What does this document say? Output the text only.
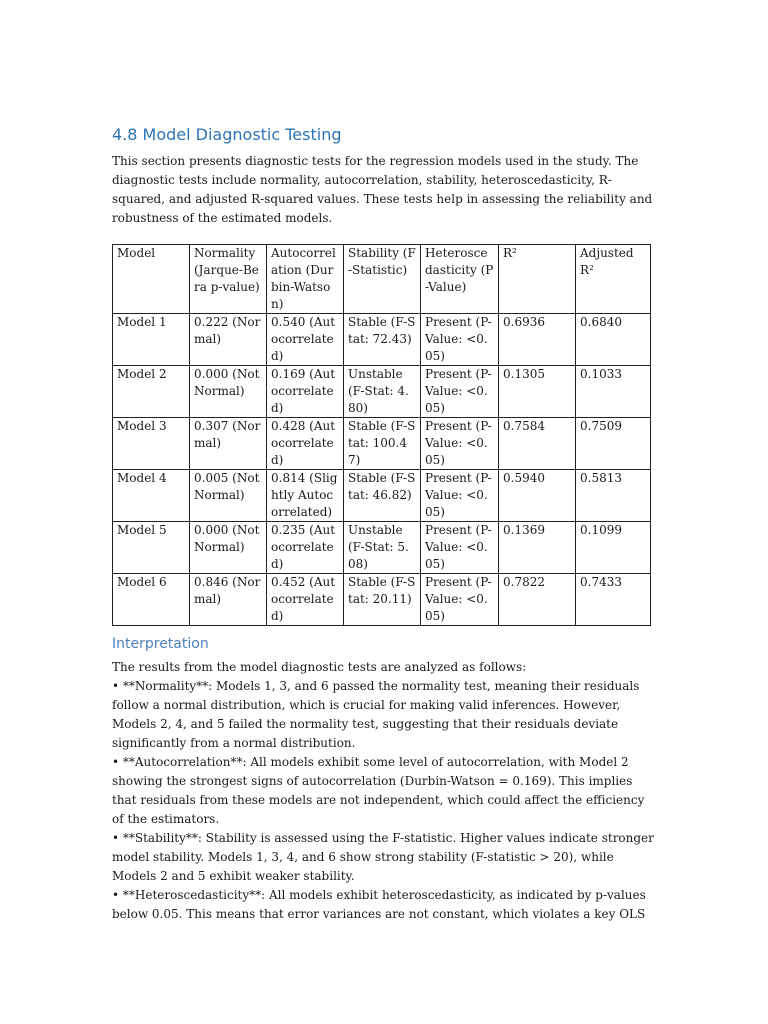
4.8 Model Diagnostic Testing

This section presents diagnostic tests for the regression models used in the study. The diagnostic tests include normality, autocorrelation, stability, heteroscedasticity, R-squared, and adjusted R-squared values. These tests help in assessing the reliability and robustness of the estimated models.

Model	Normality (Jarque-Bera p-value)	Autocorrelation (Durbin-Watson)	Stability (F-Statistic)	Heteroscedasticity (P-Value)	R²	Adjusted R²
Model 1	0.222 (Normal)	0.540 (Autocorrelated)	Stable (F-Stat: 72.43)	Present (P-Value: <0.05)	0.6936	0.6840
Model 2	0.000 (Not Normal)	0.169 (Autocorrelated)	Unstable (F-Stat: 4.80)	Present (P-Value: <0.05)	0.1305	0.1033
Model 3	0.307 (Normal)	0.428 (Autocorrelated)	Stable (F-Stat: 100.47)	Present (P-Value: <0.05)	0.7584	0.7509
Model 4	0.005 (Not Normal)	0.814 (Slightly Autocorrelated)	Stable (F-Stat: 46.82)	Present (P-Value: <0.05)	0.5940	0.5813
Model 5	0.000 (Not Normal)	0.235 (Autocorrelated)	Unstable (F-Stat: 5.08)	Present (P-Value: <0.05)	0.1369	0.1099
Model 6	0.846 (Normal)	0.452 (Autocorrelated)	Stable (F-Stat: 20.11)	Present (P-Value: <0.05)	0.7822	0.7433
Interpretation

The results from the model diagnostic tests are analyzed as follows:

• **Normality**: Models 1, 3, and 6 passed the normality test, meaning their residuals follow a normal distribution, which is crucial for making valid inferences. However, Models 2, 4, and 5 failed the normality test, suggesting that their residuals deviate significantly from a normal distribution.

• **Autocorrelation**: All models exhibit some level of autocorrelation, with Model 2 showing the strongest signs of autocorrelation (Durbin-Watson = 0.169). This implies that residuals from these models are not independent, which could affect the efficiency of the estimators.

• **Stability**: Stability is assessed using the F-statistic. Higher values indicate stronger model stability. Models 1, 3, 4, and 6 show strong stability (F-statistic > 20), while Models 2 and 5 exhibit weaker stability.

• **Heteroscedasticity**: All models exhibit heteroscedasticity, as indicated by p-values below 0.05. This means that error variances are not constant, which violates a key OLS
